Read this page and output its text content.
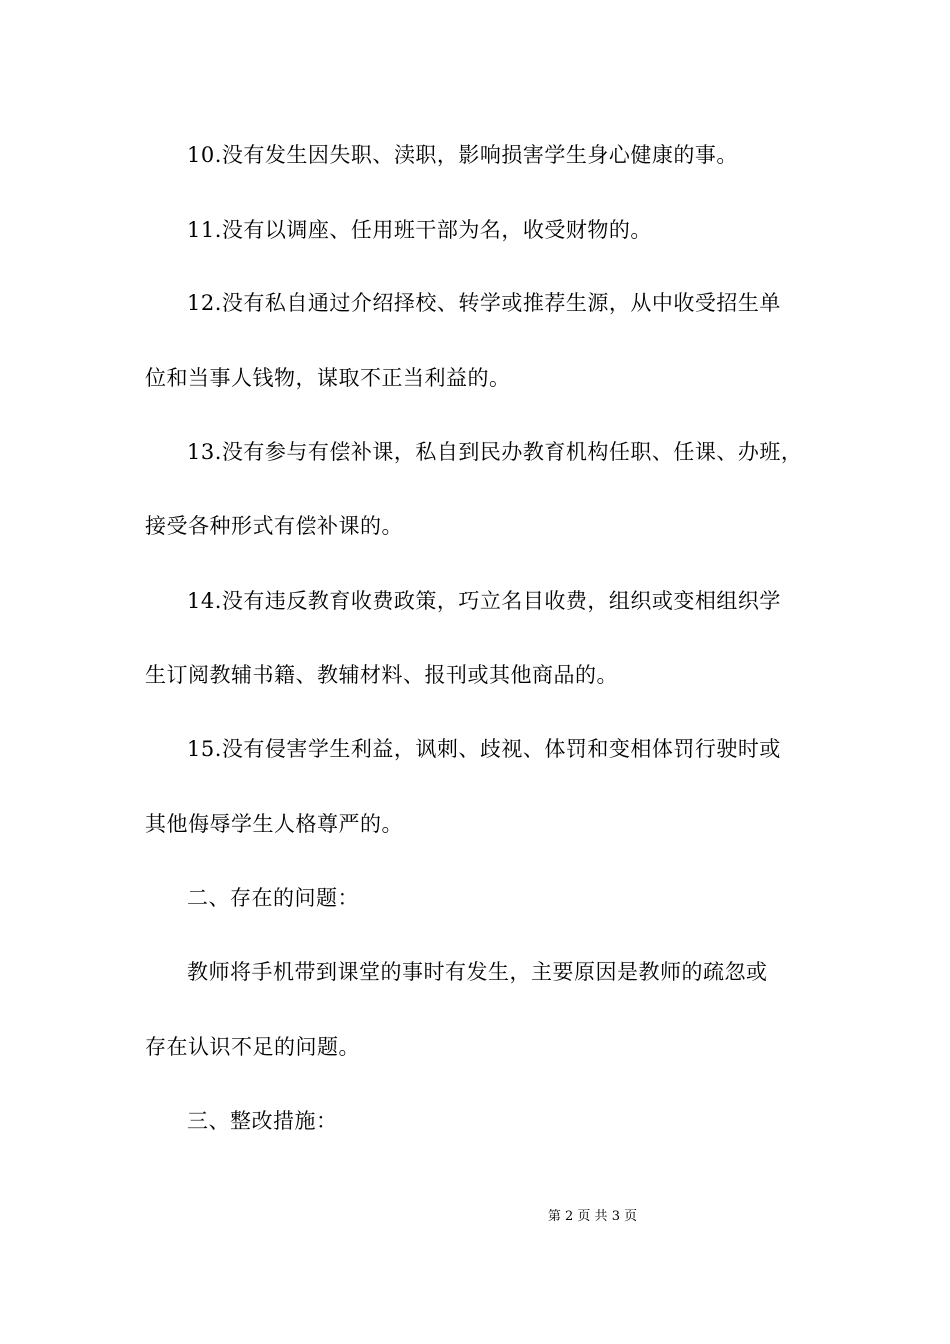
10.没有发生因失职、渎职，影响损害学生身心健康的事。
11.没有以调座、任用班干部为名，收受财物的。
12.没有私自通过介绍择校、转学或推荐生源，从中收受招生单
位和当事人钱物，谋取不正当利益的。
13.没有参与有偿补课，私自到民办教育机构任职、任课、办班，
接受各种形式有偿补课的。
14.没有违反教育收费政策，巧立名目收费，组织或变相组织学
生订阅教辅书籍、教辅材料、报刊或其他商品的。
15.没有侵害学生利益，讽刺、歧视、体罚和变相体罚行驶时或
其他侮辱学生人格尊严的。
二、存在的问题：
教师将手机带到课堂的事时有发生，主要原因是教师的疏忽或
存在认识不足的问题。
三、整改措施：
第 2 页 共 3 页
